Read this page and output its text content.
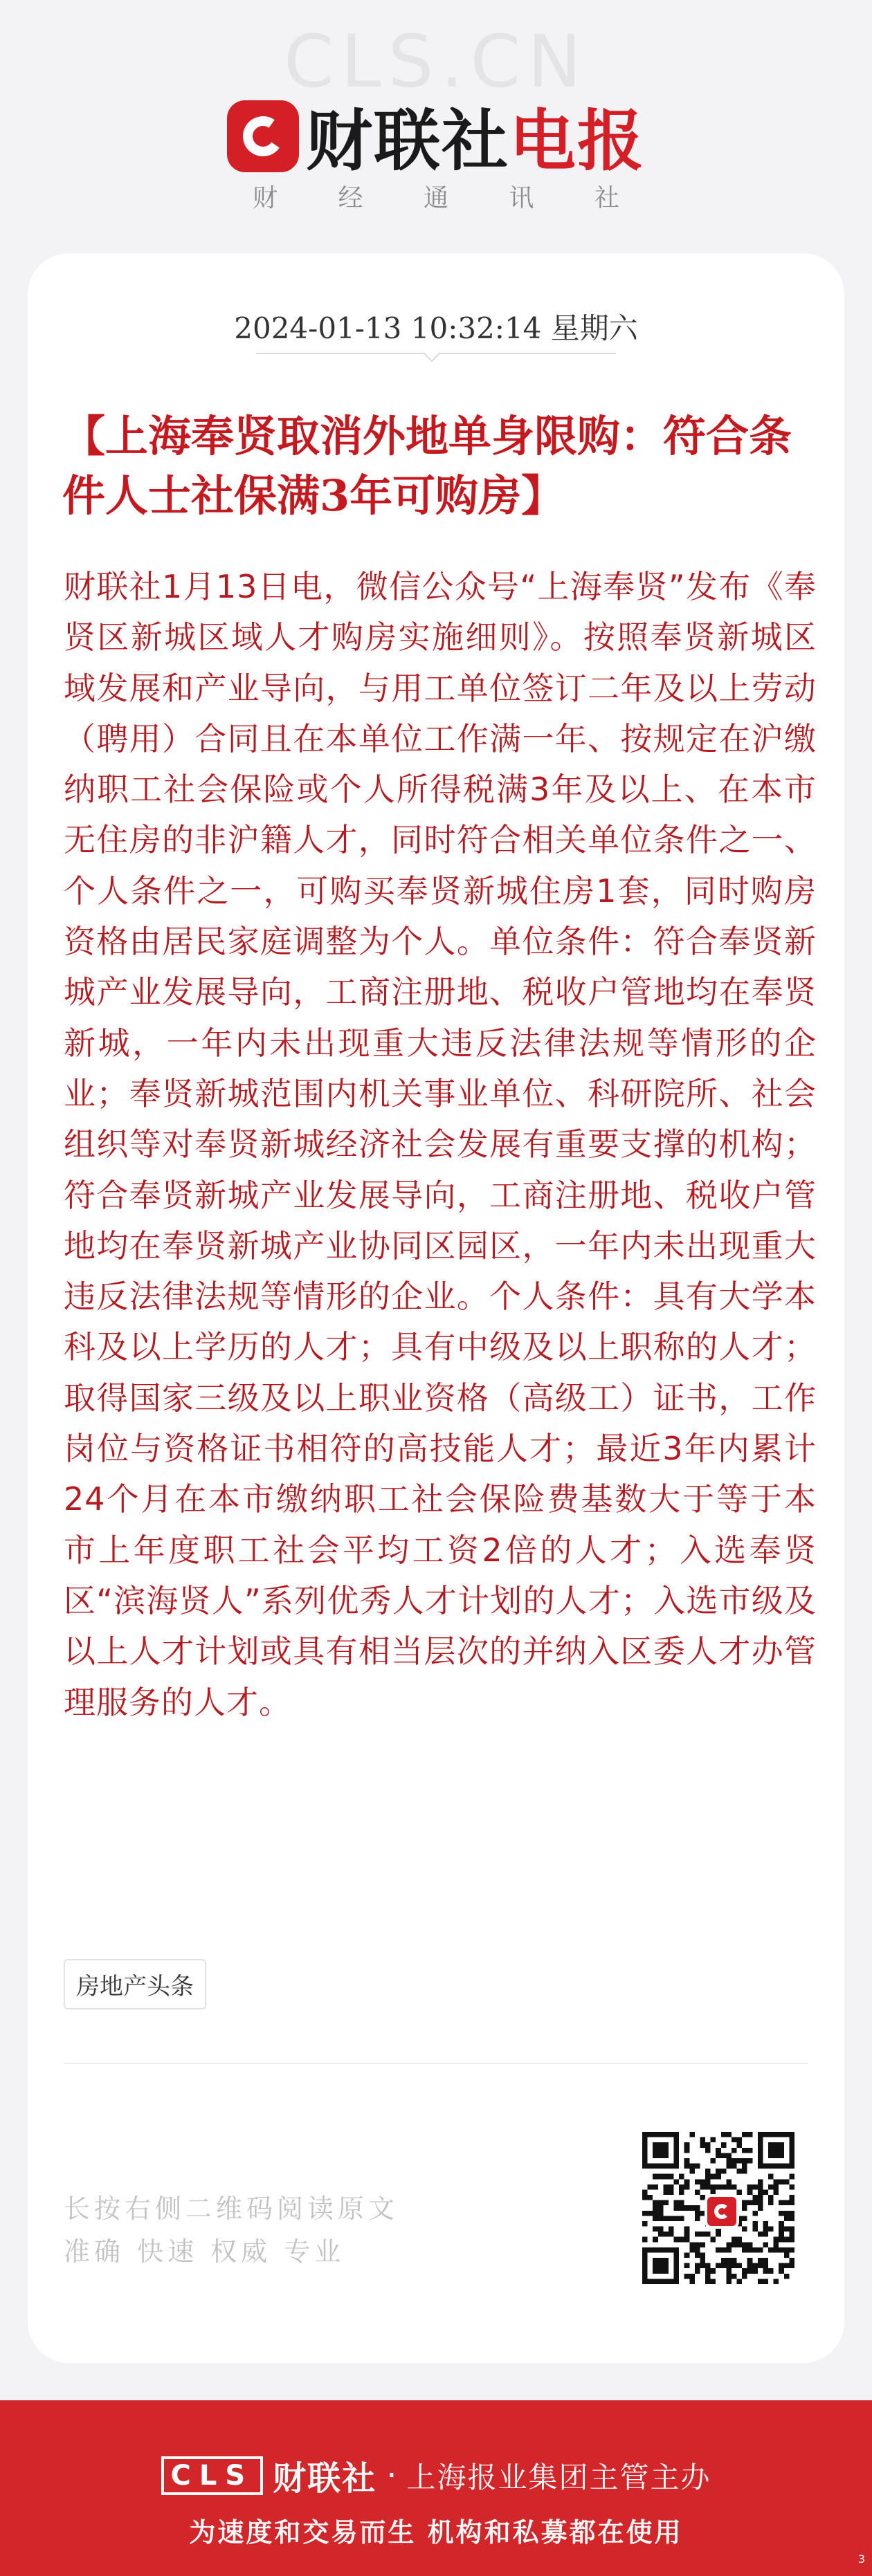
CLS.CN
财联社电报
财 经 通 讯 社
2024-01-13 10:32:14 星期六
【上海奉贤取消外地单身限购：符合条件人士社保满3年可购房】
财联社1月13日电，微信公众号“上海奉贤”发布《奉贤区新城区域人才购房实施细则》。按照奉贤新城区域发展和产业导向，与用工单位签订二年及以上劳动（聘用）合同且在本单位工作满一年、按规定在沪缴纳职工社会保险或个人所得税满3年及以上、在本市无住房的非沪籍人才，同时符合相关单位条件之一、个人条件之一，可购买奉贤新城住房1套，同时购房资格由居民家庭调整为个人。单位条件：符合奉贤新城产业发展导向，工商注册地、税收户管地均在奉贤新城，一年内未出现重大违反法律法规等情形的企业；奉贤新城范围内机关事业单位、科研院所、社会组织等对奉贤新城经济社会发展有重要支撑的机构；符合奉贤新城产业发展导向，工商注册地、税收户管地均在奉贤新城产业协同区园区，一年内未出现重大违反法律法规等情形的企业。个人条件：具有大学本科及以上学历的人才；具有中级及以上职称的人才；取得国家三级及以上职业资格（高级工）证书，工作岗位与资格证书相符的高技能人才；最近3年内累计24个月在本市缴纳职工社会保险费基数大于等于本市上年度职工社会平均工资2倍的人才；入选奉贤区“滨海贤人”系列优秀人才计划的人才；入选市级及以上人才计划或具有相当层次的并纳入区委人才办管理服务的人才。
房地产头条
长按右侧二维码阅读原文
准确 快速 权威 专业
CLS 财联社 · 上海报业集团主管主办
为速度和交易而生 机构和私募都在使用
3
